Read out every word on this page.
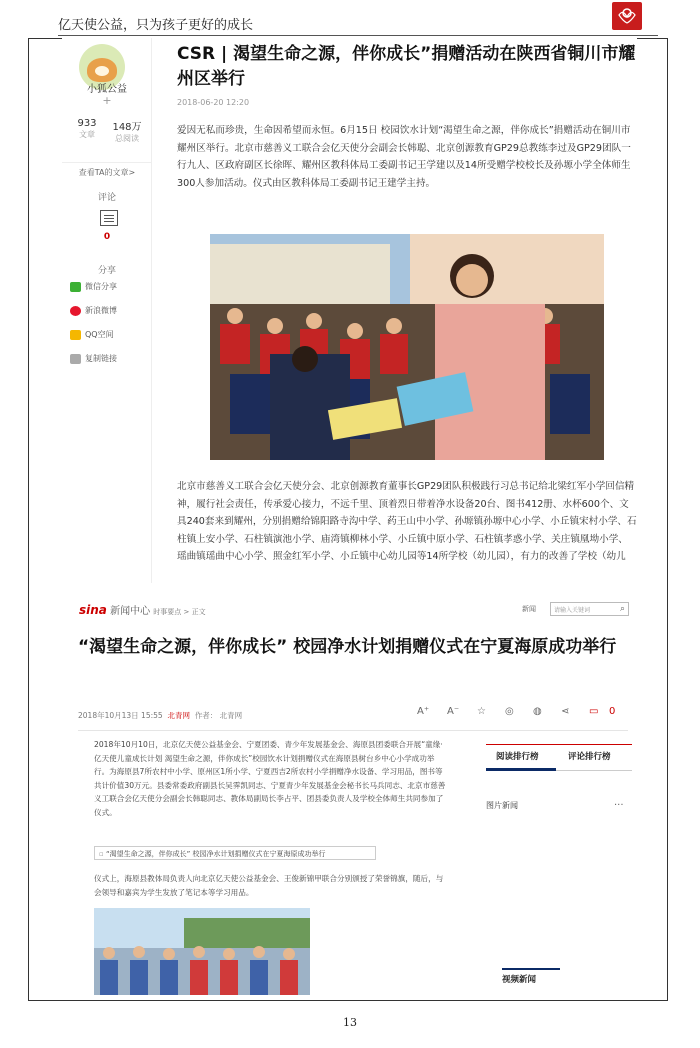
亿天使公益，只为孩子更好的成长
小狐公益
+
933
文章
148万
总阅读
查看TA的文章>
评论
0
分享
微信分享
新浪微博
QQ空间
复制链接
CSR | 渴望生命之源，伴你成长”捐赠活动在陕西省铜川市耀州区举行
2018-06-20 12:20
爱因无私而珍贵，生命因希望而永恒。6月15日 校园饮水计划“渴望生命之源，伴你成长”捐赠活动在铜川市耀州区举行。北京市慈善义工联合会亿天使分会副会长韩聪、北京创源教育GP29总教练李过及GP29团队一行九人、区政府副区长徐晖、耀州区教科体局工委副书记王学建以及14所受赠学校校长及孙塬小学全体师生300人参加活动。仪式由区教科体局工委副书记王建学主持。
北京市慈善义工联合会亿天使分会、北京创源教育董事长GP29团队积极践行习总书记给北梁红军小学回信精神，履行社会责任，传承爱心接力，不远千里、顶着烈日带着净水设备20台、图书412册、水杯600个、文具240套来到耀州，分别捐赠给锦阳路寺沟中学、药王山中小学、孙塬镇孙塬中心小学、小丘镇宋村小学、石柱镇上安小学、石柱镇演池小学、庙湾镇柳林小学、小丘镇中原小学、石柱镇孝惑小学、关庄镇凰坳小学、瑶曲镇瑶曲中心小学、照金红军小学、小丘镇中心幼儿园等14所学校（幼儿园），有力的改善了学校（幼儿
sina 新闻中心 时事要点 > 正文	新闻	请输入关键词	⌕
“渴望生命之源，伴你成长” 校园净水计划捐赠仪式在宁夏海原成功举行
2018年10月13日 15:55 北青网 作者： 北青网	A⁺ A⁻ ☆ ◎ ◍ ⋖ ▭ 0
2018年10月10日，北京亿天使公益基金会、宁夏团委、青少年发展基金会、海原县团委联合开展“童缘·亿天使儿童成长计划 渴望生命之源，伴你成长”校园饮水计划捐赠仪式在海原县树台乡中心小学成功举行。为海原县7所农村中小学、原州区1所小学、宁夏西吉2所农村小学捐赠净水设备、学习用品，图书等共计价值30万元。县委常委政府副县长吴霁凯同志、宁夏青少年发展基金会秘书长马兵同志、北京市慈善义工联合会亿天使分会副会长韩聪同志、教体局副局长李占平、团县委负责人及学校全体师生共同参加了仪式。
▫ “渴望生命之源，伴你成长” 校园净水计划捐赠仪式在宁夏海原成功举行
仪式上，海原县教体局负责人向北京亿天使公益基金会、王俊新锦甲联合分别颁授了荣誉锦旗，随后，与会领导和嘉宾为学生发放了笔记本等学习用品。
阅读排行榜	评论排行榜
图片新闻	···
视频新闻
13
